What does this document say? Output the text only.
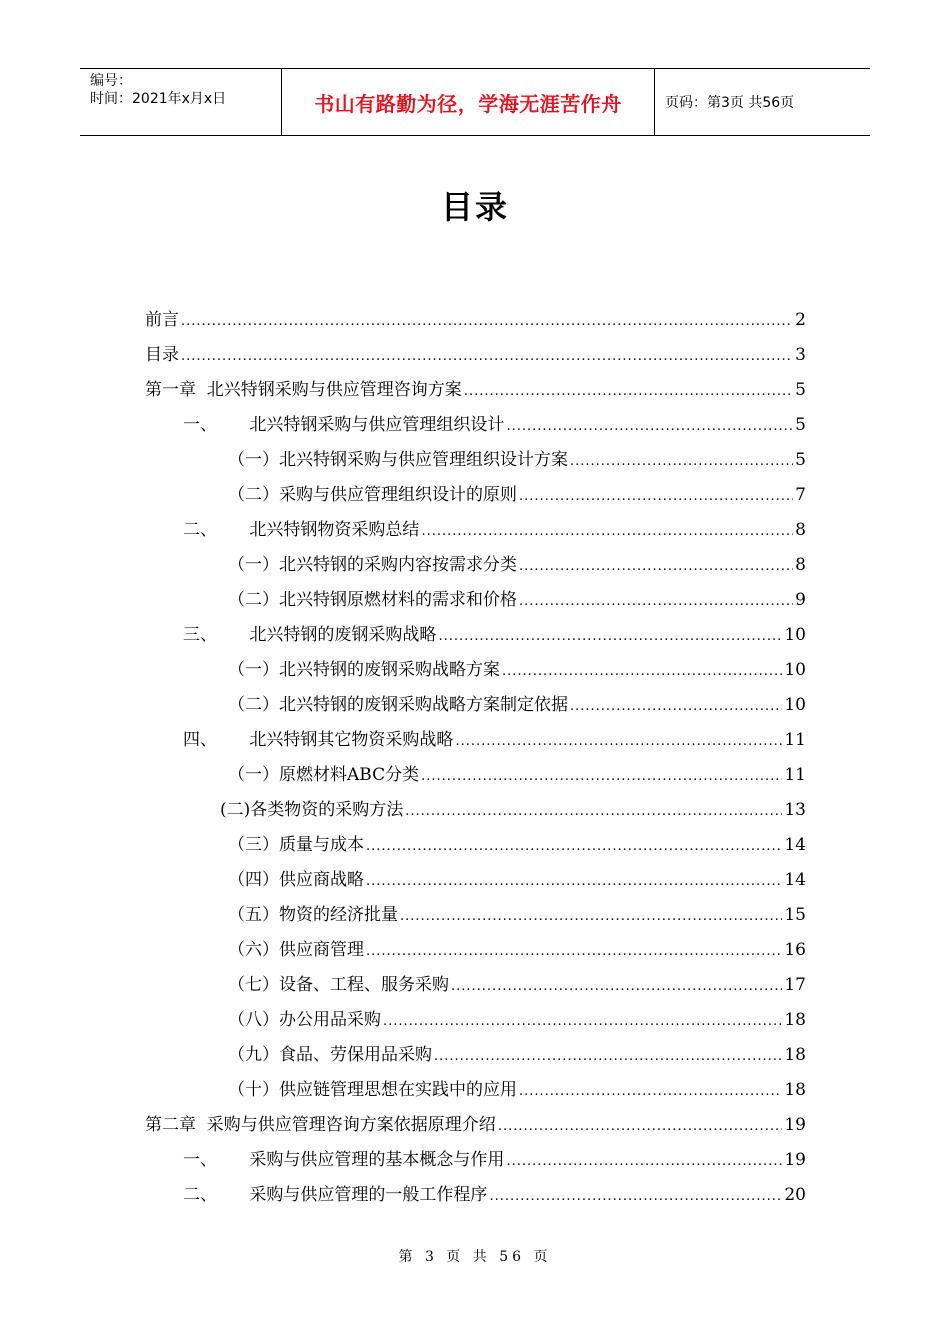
编号：
时间：2021年x月x日	书山有路勤为径，学海无涯苦作舟	页码：第3页 共56页
目录
前言 .....	2
目录 .....	3
第一章  北兴特钢采购与供应管理咨询方案 .....	5
一、      北兴特钢采购与供应管理组织设计 .....	5
（一）北兴特钢采购与供应管理组织设计方案 .....	5
（二）采购与供应管理组织设计的原则 .....	7
二、      北兴特钢物资采购总结 .....	8
（一）北兴特钢的采购内容按需求分类 .....	8
（二）北兴特钢原燃材料的需求和价格 .....	9
三、      北兴特钢的废钢采购战略 .....	10
（一）北兴特钢的废钢采购战略方案 .....	10
（二）北兴特钢的废钢采购战略方案制定依据 .....	10
四、      北兴特钢其它物资采购战略 .....	11
（一）原燃材料ABC分类 .....	11
(二)各类物资的采购方法 .....	13
（三）质量与成本 .....	14
（四）供应商战略 .....	14
（五）物资的经济批量 .....	15
（六）供应商管理 .....	16
（七）设备、工程、服务采购 .....	17
（八）办公用品采购 .....	18
（九）食品、劳保用品采购 .....	18
（十）供应链管理思想在实践中的应用 .....	18
第二章  采购与供应管理咨询方案依据原理介绍 .....	19
一、      采购与供应管理的基本概念与作用 .....	19
二、      采购与供应管理的一般工作程序 .....	20
第 3 页 共 56 页
